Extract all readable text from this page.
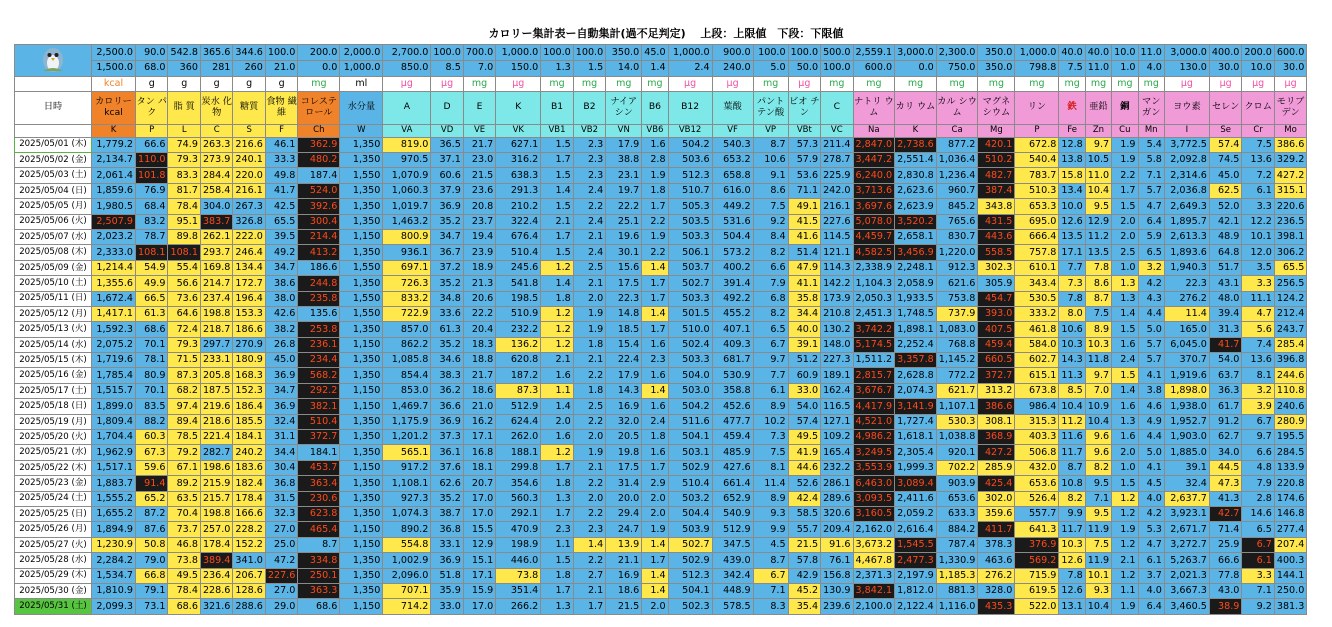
カロリー集計表ー自動集計(過不足判定)　 上段：上限値　下段：下限値
	2,500.0	90.0	542.8	365.6	344.6	100.0	200.0	2,000.0	2,700.0	100.0	700.0	1,000.0	100.0	100.0	350.0	45.0	1,000.0	900.0	100.0	100.0	500.0	2,559.1	3,000.0	2,300.0	350.0	1,000.0	40.0	40.0	10.0	11.0	3,000.0	400.0	200.0	600.0
	1,500.0	68.0	360	281	260	21.0	0.0	1,000.0	850.0	8.5	7.0	150.0	1.3	1.5	14.0	1.4	2.4	240.0	5.0	50.0	100.0	600.0	0.0	750.0	350.0	798.8	7.5	11.0	1.0	4.0	130.0	30.0	10.0	30.0
	kcal	g	g	g	g	g	mg	ml	μg	μg	mg	μg	mg	mg	mg	mg	μg	μg	mg	μg	mg	mg	mg	mg	mg	mg	mg	mg	mg	mg	μg	μg	μg	μg
日時	カロリー kcal	タン パク	脂 質	炭水 化物	糖質	食物 繊維	コレステ ロール	水分量	A	D	E	K	B1	B2	ナイア シン	B6	B12	葉酸	パント テン酸	ビオ チン	C	ナトリ ウム	カリ ウム	カル シウム	マグネ シウム	リン	鉄	亜鉛	銅	マン ガン	ヨウ素	セレン	クロム	モリブ デン
	K	P	L	C	S	F	Ch	W	VA	VD	VE	VK	VB1	VB2	VN	VB6	VB12	VF	VP	VBt	VC	Na	K	Ca	Mg	P	Fe	Zn	Cu	Mn	I	Se	Cr	Mo
2025/05/01 (木)	1,779.2	66.6	74.9	263.3	216.6	46.1	362.9	1,350	819.0	36.5	21.7	627.1	1.5	2.3	17.9	1.6	504.2	540.3	8.7	57.3	211.4	2,847.0	2,738.6	877.2	420.1	672.8	12.8	9.7	1.9	5.4	3,772.5	57.4	7.5	386.6
2025/05/02 (金)	2,134.7	110.0	79.3	273.9	240.1	33.3	480.2	1,350	970.5	37.1	23.0	316.2	1.7	2.3	38.8	2.8	503.6	653.2	10.6	57.9	278.7	3,447.2	2,551.4	1,036.4	510.2	540.4	13.8	10.5	1.9	5.8	2,092.8	74.5	13.6	329.2
2025/05/03 (土)	2,061.4	101.8	83.3	284.4	220.0	49.8	187.4	1,550	1,070.9	60.6	21.5	638.3	1.5	2.3	23.1	1.9	512.3	658.8	9.1	53.6	225.9	6,240.0	2,830.8	1,236.4	482.7	783.7	15.8	11.0	2.2	7.1	2,314.6	45.0	7.2	427.2
2025/05/04 (日)	1,859.6	76.9	81.7	258.4	216.1	41.7	524.0	1,350	1,060.3	37.9	23.6	291.3	1.4	2.4	19.7	1.8	510.7	616.0	8.6	71.1	242.0	3,713.6	2,623.6	960.7	387.4	510.3	13.4	10.4	1.7	5.7	2,036.8	62.5	6.1	315.1
2025/05/05 (月)	1,980.5	68.4	78.4	304.0	267.3	42.5	392.6	1,350	1,019.7	36.9	20.8	210.2	1.5	2.2	22.2	1.7	505.3	449.2	7.5	49.1	216.1	3,697.6	2,623.9	845.2	343.8	653.3	10.0	9.5	1.5	4.7	2,649.3	52.0	3.3	220.6
2025/05/06 (火)	2,507.9	83.2	95.1	383.7	326.8	65.5	300.4	1,350	1,463.2	35.2	23.7	322.4	2.1	2.4	25.1	2.2	503.5	531.6	9.2	41.5	227.6	5,078.0	3,520.2	765.6	431.5	695.0	12.6	12.9	2.0	6.4	1,895.7	42.1	12.2	236.5
2025/05/07 (水)	2,023.2	78.7	89.8	262.1	222.0	39.5	214.4	1,150	800.9	34.7	19.4	676.4	1.7	2.1	19.6	1.9	503.3	504.4	8.4	41.6	114.5	4,459.7	2,658.1	830.7	443.6	666.4	13.5	11.2	2.0	5.9	2,613.3	48.9	10.1	398.1
2025/05/08 (木)	2,333.0	108.1	108.1	293.7	246.4	49.2	413.2	1,350	936.1	36.7	23.9	510.4	1.5	2.4	30.1	2.2	506.1	573.2	8.2	51.4	121.1	4,582.5	3,456.9	1,220.0	558.5	757.8	17.1	13.5	2.5	6.5	1,893.6	64.8	12.0	306.2
2025/05/09 (金)	1,214.4	54.9	55.4	169.8	134.4	34.7	186.6	1,550	697.1	37.2	18.9	245.6	1.2	2.5	15.6	1.4	503.7	400.2	6.6	47.9	114.3	2,338.9	2,248.1	912.3	302.3	610.1	7.7	7.8	1.0	3.2	1,940.3	51.7	3.5	65.5
2025/05/10 (土)	1,355.6	49.9	56.6	214.7	172.7	38.6	244.8	1,350	726.3	35.2	21.3	541.8	1.4	2.1	17.5	1.7	502.7	391.4	7.9	41.1	142.2	1,104.3	2,058.9	621.6	305.9	343.4	7.3	8.6	1.3	4.2	22.3	43.1	3.3	256.5
2025/05/11 (日)	1,672.4	66.5	73.6	237.4	196.4	38.0	235.8	1,550	833.2	34.8	20.6	198.5	1.8	2.0	22.3	1.7	503.3	492.2	6.8	35.8	173.9	2,050.3	1,933.5	753.8	454.7	530.5	7.8	8.7	1.3	4.3	276.2	48.0	11.1	124.2
2025/05/12 (月)	1,417.1	61.3	64.6	198.8	153.3	42.6	135.6	1,550	722.9	33.6	22.2	510.9	1.2	1.9	14.8	1.4	501.5	455.2	8.2	34.4	210.8	2,451.3	1,748.5	737.9	393.0	333.2	8.0	7.5	1.4	4.4	11.4	39.4	4.7	212.4
2025/05/13 (火)	1,592.3	68.6	72.4	218.7	186.6	38.2	253.8	1,350	857.0	61.3	20.4	232.2	1.2	1.9	18.5	1.7	510.0	407.1	6.5	40.0	130.2	3,742.2	1,898.1	1,083.0	407.5	461.8	10.6	8.9	1.5	5.0	165.0	31.3	5.6	243.7
2025/05/14 (水)	2,075.2	70.1	79.3	297.7	270.9	26.8	236.1	1,150	862.2	35.2	18.3	136.2	1.2	1.8	15.4	1.6	502.4	409.3	6.7	39.1	148.0	5,174.5	2,252.4	768.8	459.4	584.0	10.3	10.3	1.6	5.7	6,045.0	41.7	7.4	285.4
2025/05/15 (木)	1,719.6	78.1	71.5	233.1	180.9	45.0	234.4	1,350	1,085.8	34.6	18.8	620.8	2.1	2.1	22.4	2.3	503.3	681.7	9.7	51.2	227.3	1,511.2	3,357.8	1,145.2	660.5	602.7	14.3	11.8	2.4	5.7	370.7	54.0	13.6	396.8
2025/05/16 (金)	1,785.4	80.9	87.3	205.8	168.3	36.9	568.2	1,350	854.4	38.3	21.7	187.2	1.6	2.2	17.9	1.6	504.0	530.9	7.7	60.9	189.1	2,815.7	2,628.8	772.2	372.7	615.1	11.3	9.7	1.5	4.1	1,919.6	63.7	8.1	244.6
2025/05/17 (土)	1,515.7	70.1	68.2	187.5	152.3	34.7	292.2	1,150	853.0	36.2	18.6	87.3	1.1	1.8	14.3	1.4	503.0	358.8	6.1	33.0	162.4	3,676.7	2,074.3	621.7	313.2	673.8	8.5	7.0	1.4	3.8	1,898.0	36.3	3.2	110.8
2025/05/18 (日)	1,899.0	83.5	97.4	219.6	186.4	36.9	382.1	1,150	1,469.7	36.6	21.0	512.9	1.4	2.5	16.9	1.6	504.2	452.6	8.9	54.0	116.5	4,417.9	3,141.9	1,107.1	386.6	986.4	10.4	10.9	1.6	4.6	1,938.0	61.7	3.9	240.6
2025/05/19 (月)	1,809.4	88.2	89.4	218.6	185.5	32.4	510.4	1,350	1,175.9	36.9	16.2	624.4	2.0	2.2	32.0	2.4	511.6	477.7	10.2	57.4	127.1	4,521.0	1,727.4	530.3	308.1	315.3	11.2	10.4	1.3	4.9	1,952.7	91.2	6.7	280.9
2025/05/20 (火)	1,704.4	60.3	78.5	221.4	184.1	31.1	372.7	1,350	1,201.2	37.3	17.1	262.0	1.6	2.0	20.5	1.8	504.1	459.4	7.3	49.5	109.2	4,986.2	1,618.1	1,038.8	368.9	403.3	11.6	9.6	1.6	4.4	1,903.0	62.7	9.7	195.5
2025/05/21 (水)	1,962.9	67.3	79.2	282.7	240.2	34.4	184.1	1,350	565.1	36.1	16.8	188.1	1.2	1.9	19.8	1.6	503.1	485.9	7.5	41.9	165.4	3,249.5	2,305.4	920.1	427.2	506.8	11.7	9.6	2.0	5.0	1,885.0	34.0	6.6	284.5
2025/05/22 (木)	1,517.1	59.6	67.1	198.6	183.6	30.4	453.7	1,150	917.2	37.6	18.1	299.8	1.7	2.1	17.5	1.7	502.9	427.6	8.1	44.6	232.2	3,553.9	1,999.3	702.2	285.9	432.0	8.7	8.2	1.0	4.1	39.1	44.5	4.8	133.9
2025/05/23 (金)	1,883.7	91.4	89.2	215.9	182.4	36.8	363.4	1,350	1,108.1	62.6	20.7	354.6	1.8	2.2	31.4	2.9	510.4	661.4	11.4	52.6	286.1	6,463.0	3,089.4	903.9	425.4	653.6	10.8	9.5	1.5	4.5	32.4	47.3	7.9	220.8
2025/05/24 (土)	1,555.2	65.2	63.5	215.7	178.4	31.5	230.6	1,350	927.3	35.2	17.0	560.3	1.3	2.0	20.0	2.0	503.2	652.9	8.9	42.4	289.6	3,093.5	2,411.6	653.6	302.0	526.4	8.2	7.1	1.2	4.0	2,637.7	41.3	2.8	174.6
2025/05/25 (日)	1,655.2	87.2	70.4	198.8	166.6	32.3	623.8	1,350	1,074.3	38.7	17.0	292.1	1.7	2.2	29.4	2.0	504.4	540.9	9.3	58.5	320.6	3,160.5	2,059.2	633.3	359.6	557.7	9.9	9.5	1.2	4.2	3,923.1	42.7	14.6	146.8
2025/05/26 (月)	1,894.9	87.6	73.7	257.0	228.2	27.0	465.4	1,150	890.2	36.8	15.5	470.9	2.3	2.3	24.7	1.9	503.9	512.9	9.9	55.7	209.4	2,162.0	2,616.4	884.2	411.7	641.3	11.7	11.9	1.9	5.3	2,671.7	71.4	6.5	277.4
2025/05/27 (火)	1,230.9	50.8	46.8	178.4	152.2	25.0	8.7	1,150	554.8	33.1	12.9	198.9	1.1	1.4	13.9	1.4	502.7	347.5	4.5	21.5	91.6	3,673.2	1,545.5	787.4	378.3	376.9	10.3	7.5	1.2	4.7	3,272.7	25.9	6.7	207.4
2025/05/28 (水)	2,284.2	79.0	73.8	389.4	341.0	47.2	334.8	1,350	1,002.9	36.9	15.1	446.0	1.5	2.2	21.1	1.7	502.9	439.0	8.7	57.8	76.1	4,467.8	2,477.3	1,330.9	463.6	569.2	12.6	11.9	2.1	6.1	5,263.7	66.6	6.1	400.3
2025/05/29 (木)	1,534.7	66.8	49.5	236.4	206.7	227.6	250.1	1,350	2,096.0	51.8	17.1	73.8	1.8	2.7	16.9	1.4	512.3	342.4	6.7	42.9	156.8	2,371.3	2,197.9	1,185.3	276.2	715.9	7.8	10.1	1.2	3.7	2,021.3	77.8	3.3	144.1
2025/05/30 (金)	1,810.9	79.1	78.4	228.6	128.6	27.0	363.3	1,350	707.1	35.9	15.9	351.4	1.7	2.1	18.6	1.4	504.1	448.9	7.1	45.2	130.9	3,842.1	1,812.0	881.3	328.0	619.5	12.6	9.3	1.1	4.0	3,667.3	43.0	7.1	250.0
2025/05/31 (土)	2,099.3	73.1	68.6	321.6	288.6	29.0	68.6	1,150	714.2	33.0	17.0	266.2	1.3	1.7	21.5	2.0	502.3	578.5	8.3	35.4	239.6	2,100.0	2,122.4	1,116.0	435.3	522.0	13.1	10.4	1.9	6.4	3,460.5	38.9	9.2	381.3
